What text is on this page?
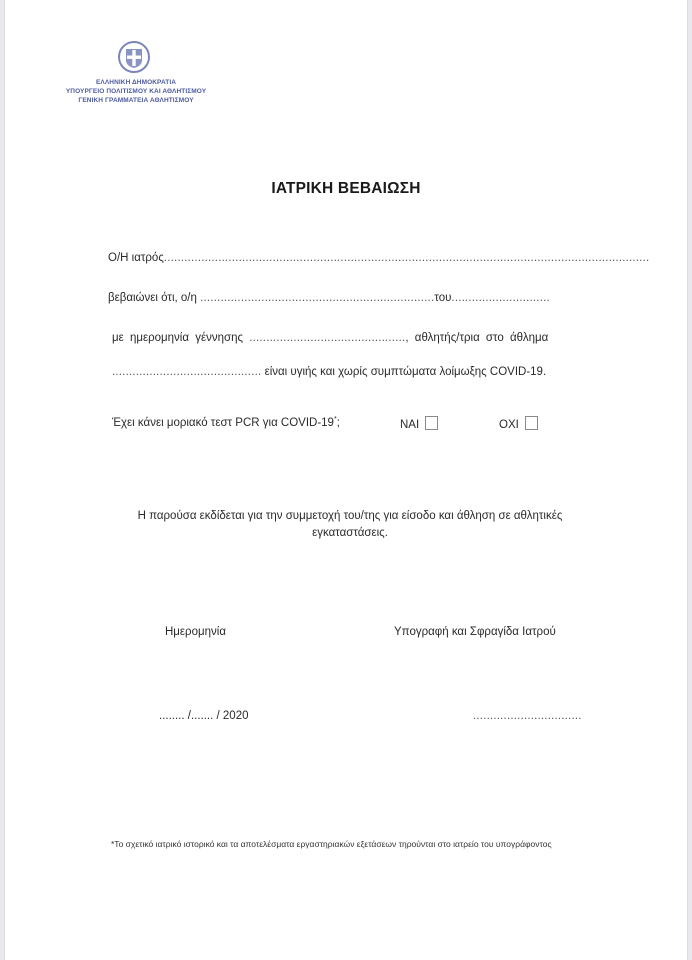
ΕΛΛΗΝΙΚΗ ΔΗΜΟΚΡΑΤΙΑ
ΥΠΟΥΡΓΕΙΟ ΠΟΛΙΤΙΣΜΟΥ ΚΑΙ ΑΘΛΗΤΙΣΜΟΥ
ΓΕΝΙΚΗ ΓΡΑΜΜΑΤΕΙΑ ΑΘΛΗΤΙΣΜΟΥ
ΙΑΤΡΙΚΗ ΒΕΒΑΙΩΣΗ
Ο/Η ιατρός...............................................................................................................................................
βεβαιώνει ότι, ο/η .....................................................................του.............................
με ημερομηνία γέννησης .............................................., αθλητής/τρια στο άθλημα
............................................ είναι υγιής και χωρίς συμπτώματα λοίμωξης COVID-19.
Έχει κάνει μοριακό τεστ PCR για COVID-19*;	ΝΑΙ	ΟΧΙ
Η παρούσα εκδίδεται για την συμμετοχή του/της για είσοδο και άθληση σε αθλητικές εγκαταστάσεις.
Ημερομηνία	Υπογραφή και Σφραγίδα Ιατρού
........ /....... / 2020	................................
*Το σχετικό ιατρικό ιστορικό και τα αποτελέσματα εργαστηριακών εξετάσεων τηρούνται στο ιατρείο του υπογράφοντος
